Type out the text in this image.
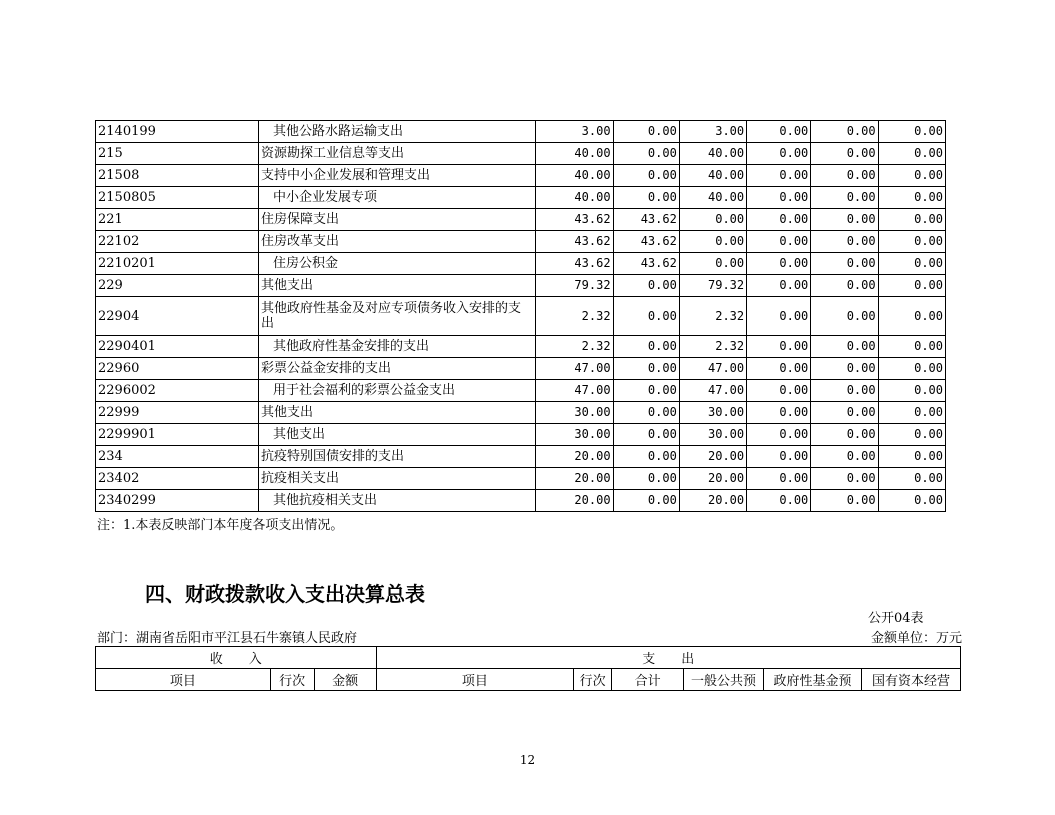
2140199	其他公路水路运输支出	3.00	0.00	3.00	0.00	0.00	0.00
215	资源勘探工业信息等支出	40.00	0.00	40.00	0.00	0.00	0.00
21508	支持中小企业发展和管理支出	40.00	0.00	40.00	0.00	0.00	0.00
2150805	中小企业发展专项	40.00	0.00	40.00	0.00	0.00	0.00
221	住房保障支出	43.62	43.62	0.00	0.00	0.00	0.00
22102	住房改革支出	43.62	43.62	0.00	0.00	0.00	0.00
2210201	住房公积金	43.62	43.62	0.00	0.00	0.00	0.00
229	其他支出	79.32	0.00	79.32	0.00	0.00	0.00
22904	其他政府性基金及对应专项债务收入安排的支出	2.32	0.00	2.32	0.00	0.00	0.00
2290401	其他政府性基金安排的支出	2.32	0.00	2.32	0.00	0.00	0.00
22960	彩票公益金安排的支出	47.00	0.00	47.00	0.00	0.00	0.00
2296002	用于社会福利的彩票公益金支出	47.00	0.00	47.00	0.00	0.00	0.00
22999	其他支出	30.00	0.00	30.00	0.00	0.00	0.00
2299901	其他支出	30.00	0.00	30.00	0.00	0.00	0.00
234	抗疫特别国债安排的支出	20.00	0.00	20.00	0.00	0.00	0.00
23402	抗疫相关支出	20.00	0.00	20.00	0.00	0.00	0.00
2340299	其他抗疫相关支出	20.00	0.00	20.00	0.00	0.00	0.00
注：1.本表反映部门本年度各项支出情况。
四、财政拨款收入支出决算总表
公开04表
部门：湖南省岳阳市平江县石牛寨镇人民政府	金额单位：万元
收　　入			支　　出					
项目	行次	金额	项目	行次	合计	一般公共预	政府性基金预	国有资本经营
12
